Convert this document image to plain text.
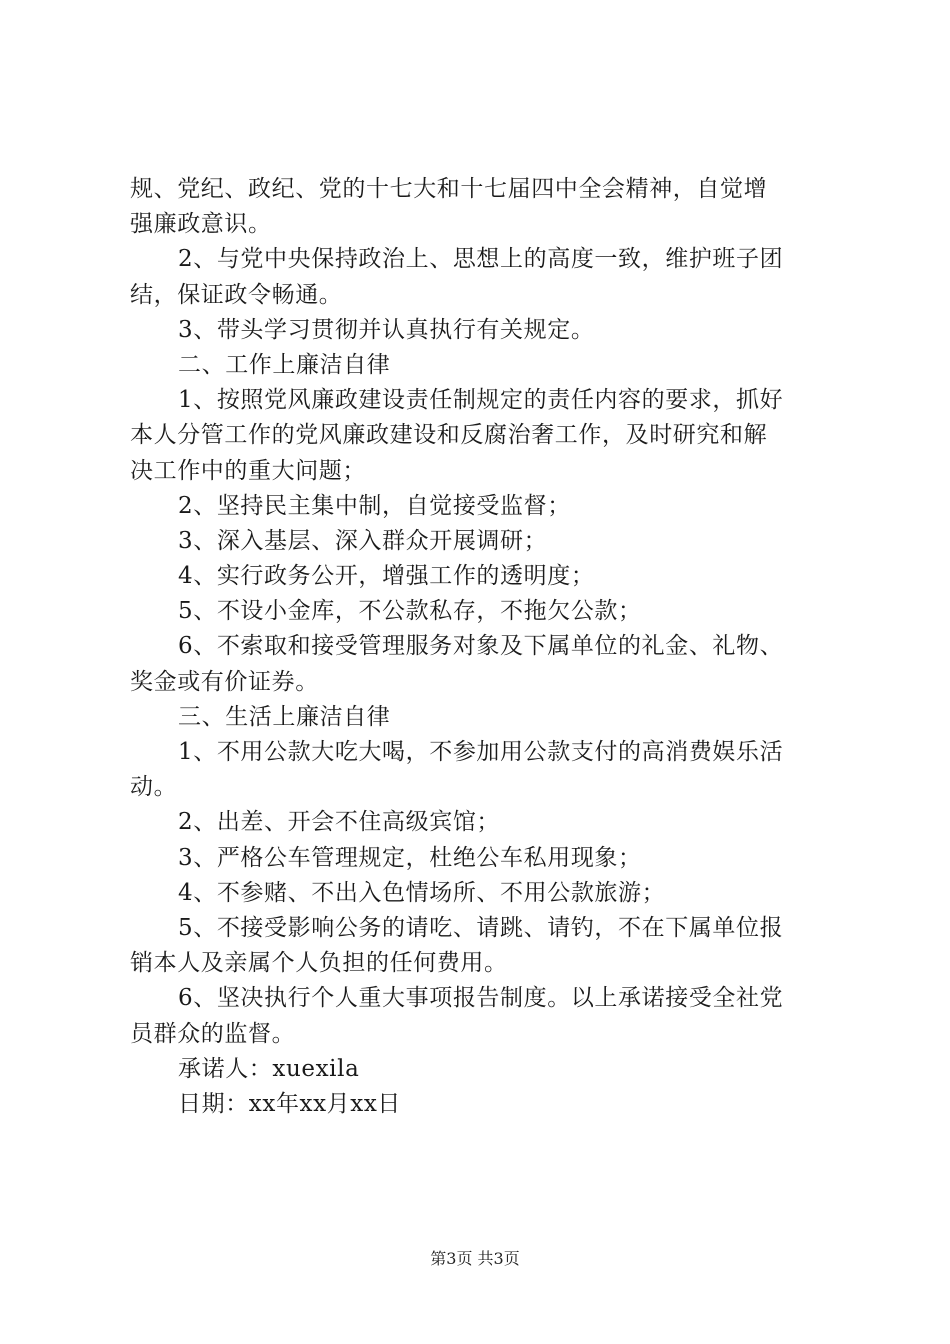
规、党纪、政纪、党的十七大和十七届四中全会精神，自觉增
强廉政意识。
2、与党中央保持政治上、思想上的高度一致，维护班子团
结，保证政令畅通。
3、带头学习贯彻并认真执行有关规定。
二、工作上廉洁自律
1、按照党风廉政建设责任制规定的责任内容的要求，抓好
本人分管工作的党风廉政建设和反腐治奢工作，及时研究和解
决工作中的重大问题；
2、坚持民主集中制，自觉接受监督；
3、深入基层、深入群众开展调研；
4、实行政务公开，增强工作的透明度；
5、不设小金库，不公款私存，不拖欠公款；
6、不索取和接受管理服务对象及下属单位的礼金、礼物、
奖金或有价证券。
三、生活上廉洁自律
1、不用公款大吃大喝，不参加用公款支付的高消费娱乐活
动。
2、出差、开会不住高级宾馆；
3、严格公车管理规定，杜绝公车私用现象；
4、不参赌、不出入色情场所、不用公款旅游；
5、不接受影响公务的请吃、请跳、请钓，不在下属单位报
销本人及亲属个人负担的任何费用。
6、坚决执行个人重大事项报告制度。以上承诺接受全社党
员群众的监督。
承诺人：xuexila
日期：xx年xx月xx日
第3页 共3页
